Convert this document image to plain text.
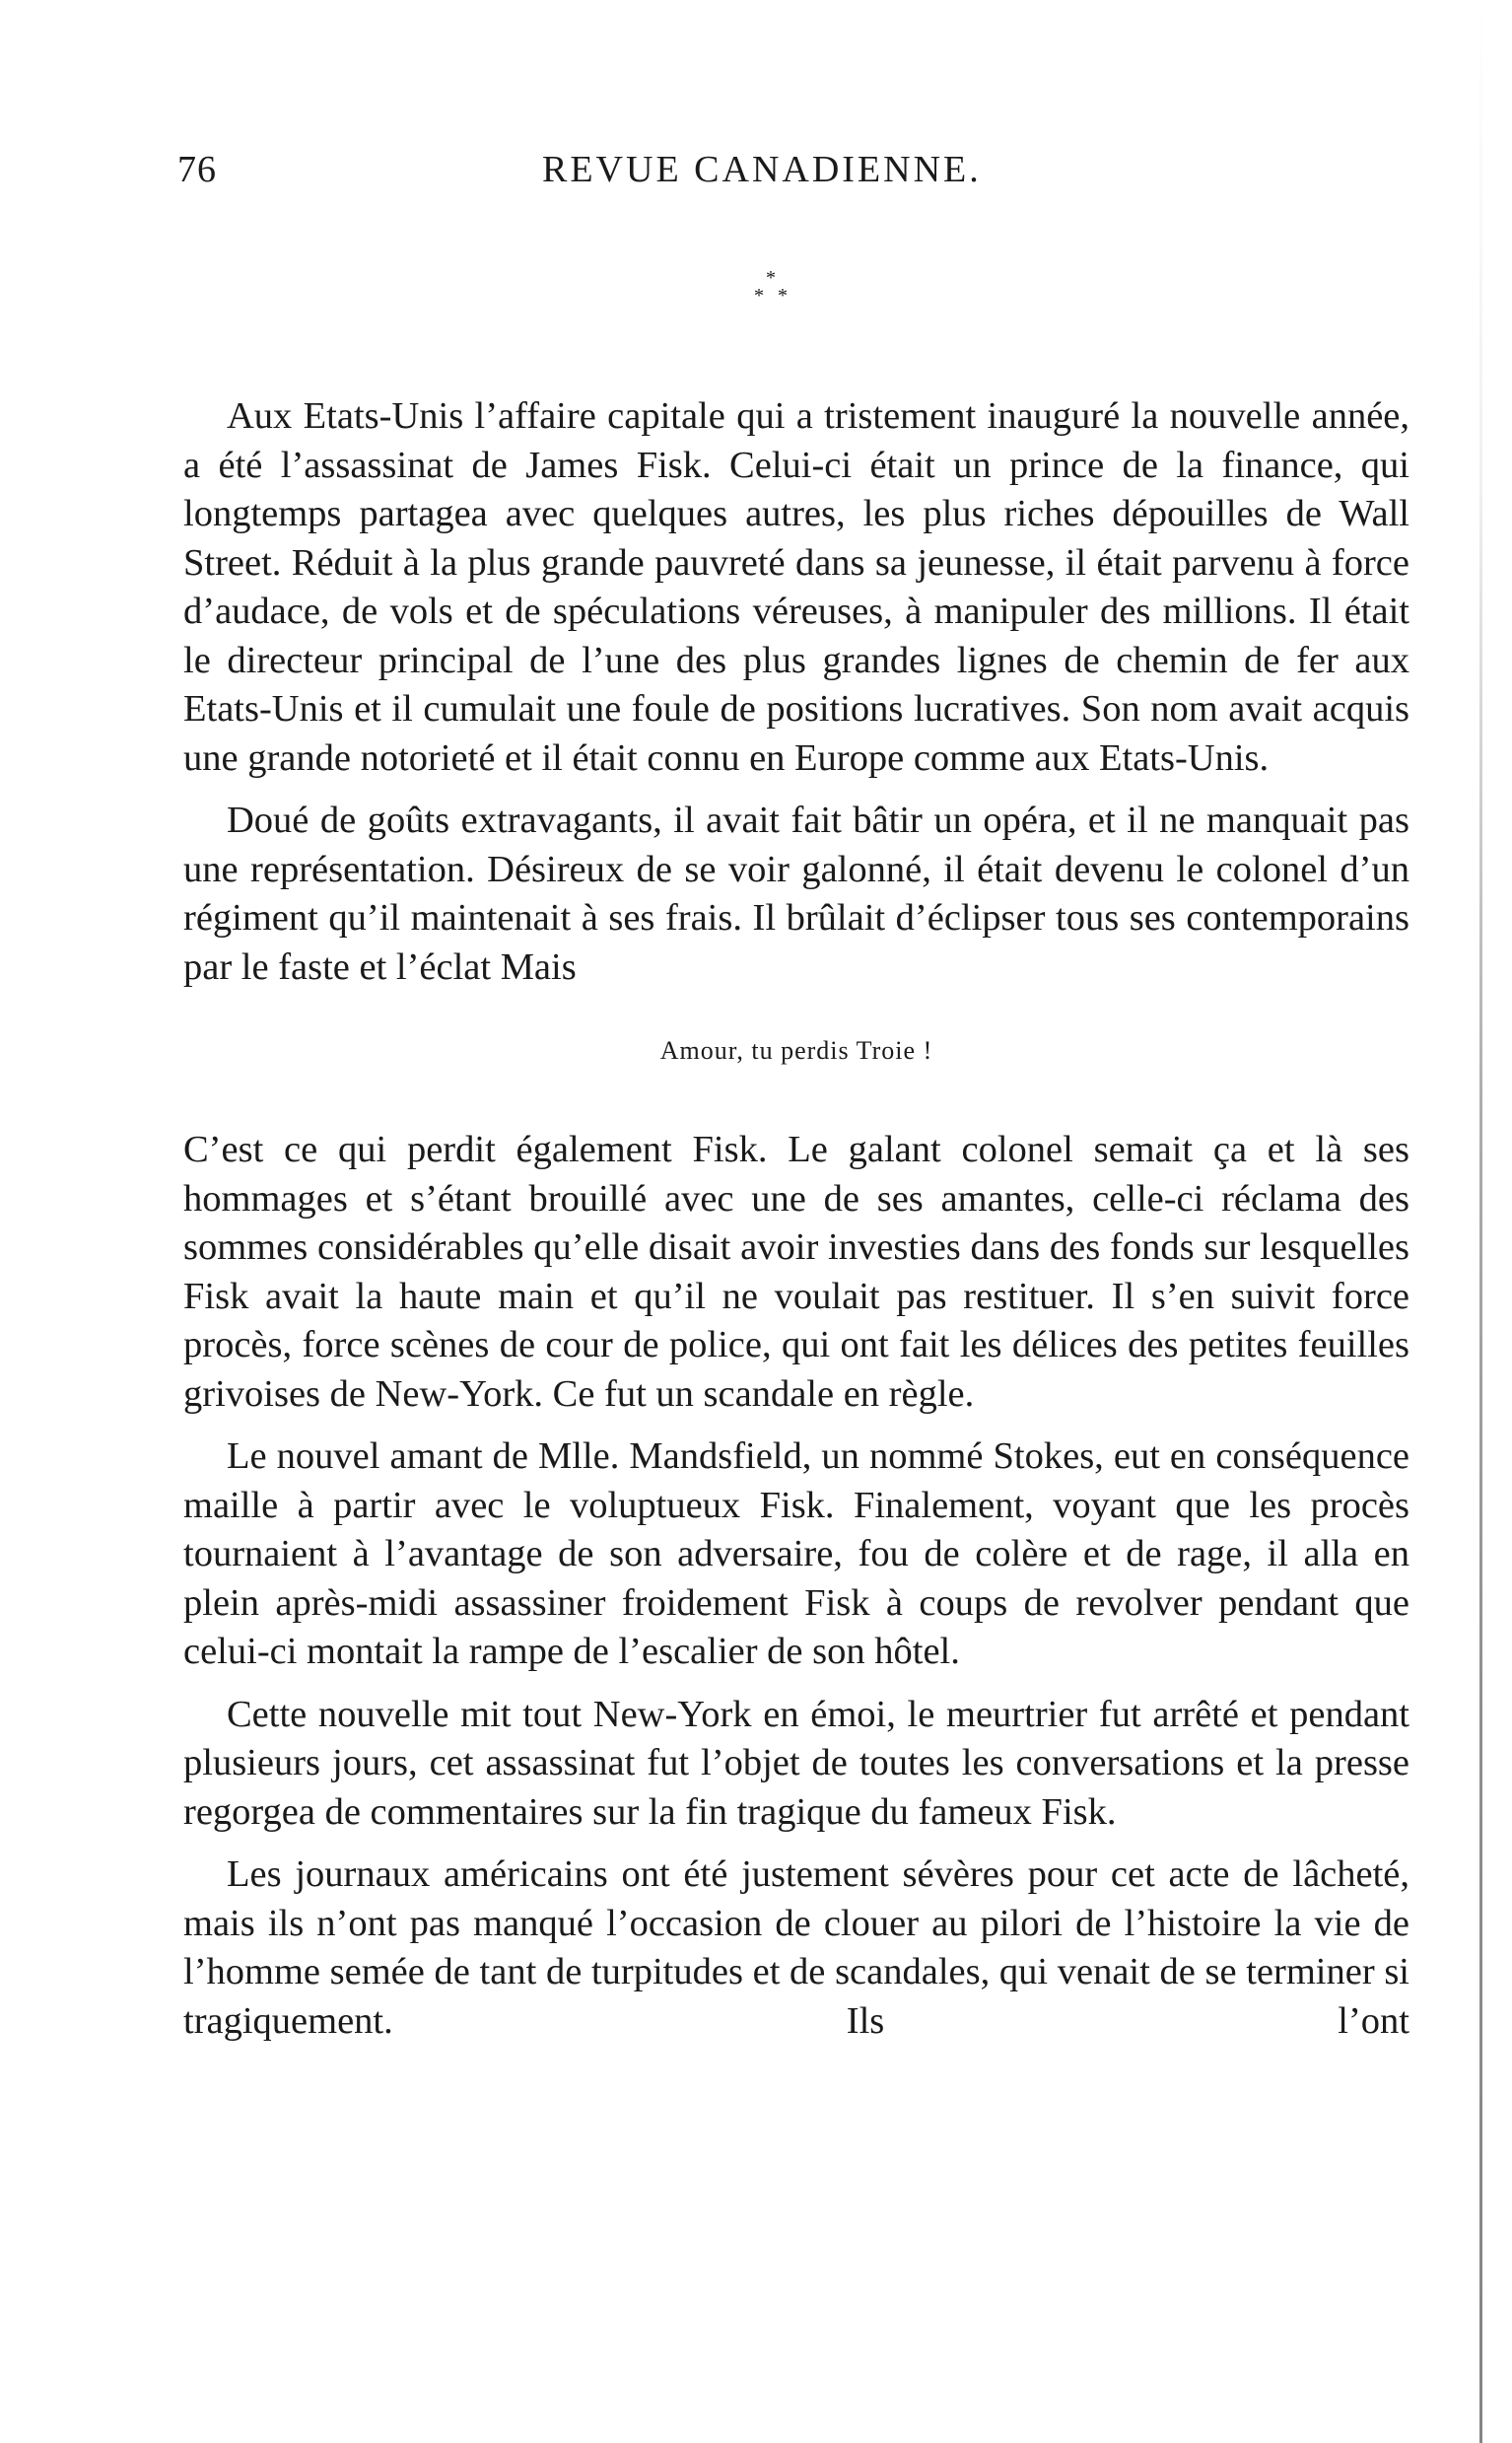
76	REVUE CANADIENNE.
*
* *

Aux Etats-Unis l’affaire capitale qui a tristement inauguré la nouvelle année, a été l’assassinat de James Fisk. Celui-ci était un prince de la finance, qui longtemps partagea avec quelques autres, les plus riches dépouilles de Wall Street. Réduit à la plus grande pauvreté dans sa jeunesse, il était parvenu à force d’audace, de vols et de spéculations véreuses, à manipuler des millions. Il était le directeur principal de l’une des plus grandes lignes de chemin de fer aux Etats-Unis et il cumulait une foule de positions lucratives. Son nom avait acquis une grande notorieté et il était connu en Europe comme aux Etats-Unis.

Doué de goûts extravagants, il avait fait bâtir un opéra, et il ne manquait pas une représentation. Désireux de se voir galonné, il était devenu le colonel d’un régiment qu’il maintenait à ses frais. Il brûlait d’éclipser tous ses contemporains par le faste et l’éclat Mais

Amour, tu perdis Troie !

C’est ce qui perdit également Fisk. Le galant colonel semait ça et là ses hommages et s’étant brouillé avec une de ses amantes, celle-ci réclama des sommes considérables qu’elle disait avoir investies dans des fonds sur lesquelles Fisk avait la haute main et qu’il ne voulait pas restituer. Il s’en suivit force procès, force scènes de cour de police, qui ont fait les délices des petites feuilles grivoises de New-York. Ce fut un scandale en règle.

Le nouvel amant de Mlle. Mandsfield, un nommé Stokes, eut en conséquence maille à partir avec le voluptueux Fisk. Finalement, voyant que les procès tournaient à l’avantage de son adversaire, fou de colère et de rage, il alla en plein après-midi assassiner froidement Fisk à coups de revolver pendant que celui-ci montait la rampe de l’escalier de son hôtel.

Cette nouvelle mit tout New-York en émoi, le meurtrier fut arrêté et pendant plusieurs jours, cet assassinat fut l’objet de toutes les conversations et la presse regorgea de commentaires sur la fin tragique du fameux Fisk.

Les journaux américains ont été justement sévères pour cet acte de lâcheté, mais ils n’ont pas manqué l’occasion de clouer au pilori de l’histoire la vie de l’homme semée de tant de turpitudes et de scandales, qui venait de se terminer si tragiquement. Ils l’ont
